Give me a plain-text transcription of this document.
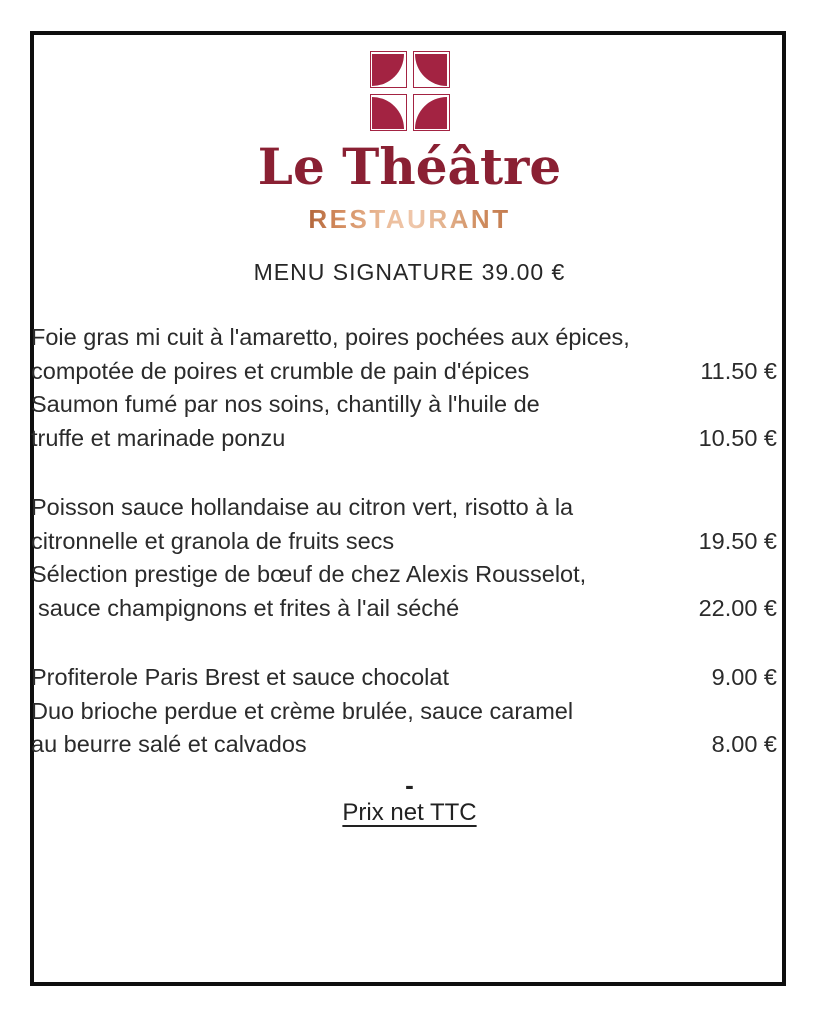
Le Théâtre
RESTAURANT
MENU SIGNATURE 39.00 €
Foie gras mi cuit à l'amaretto, poires pochées aux épices,
compotée de poires et crumble de pain d'épices	11.50 €
Saumon fumé par nos soins, chantilly à l'huile de
truffe et marinade ponzu	10.50 €
Poisson sauce hollandaise au citron vert, risotto à la
citronnelle et granola de fruits secs	19.50 €
Sélection prestige de bœuf de chez Alexis Rousselot,
sauce champignons et frites à l'ail séché	22.00 €
Profiterole Paris Brest et sauce chocolat	9.00 €
Duo brioche perdue et crème brulée, sauce caramel
au beurre salé et calvados	8.00 €
-
Prix net TTC
